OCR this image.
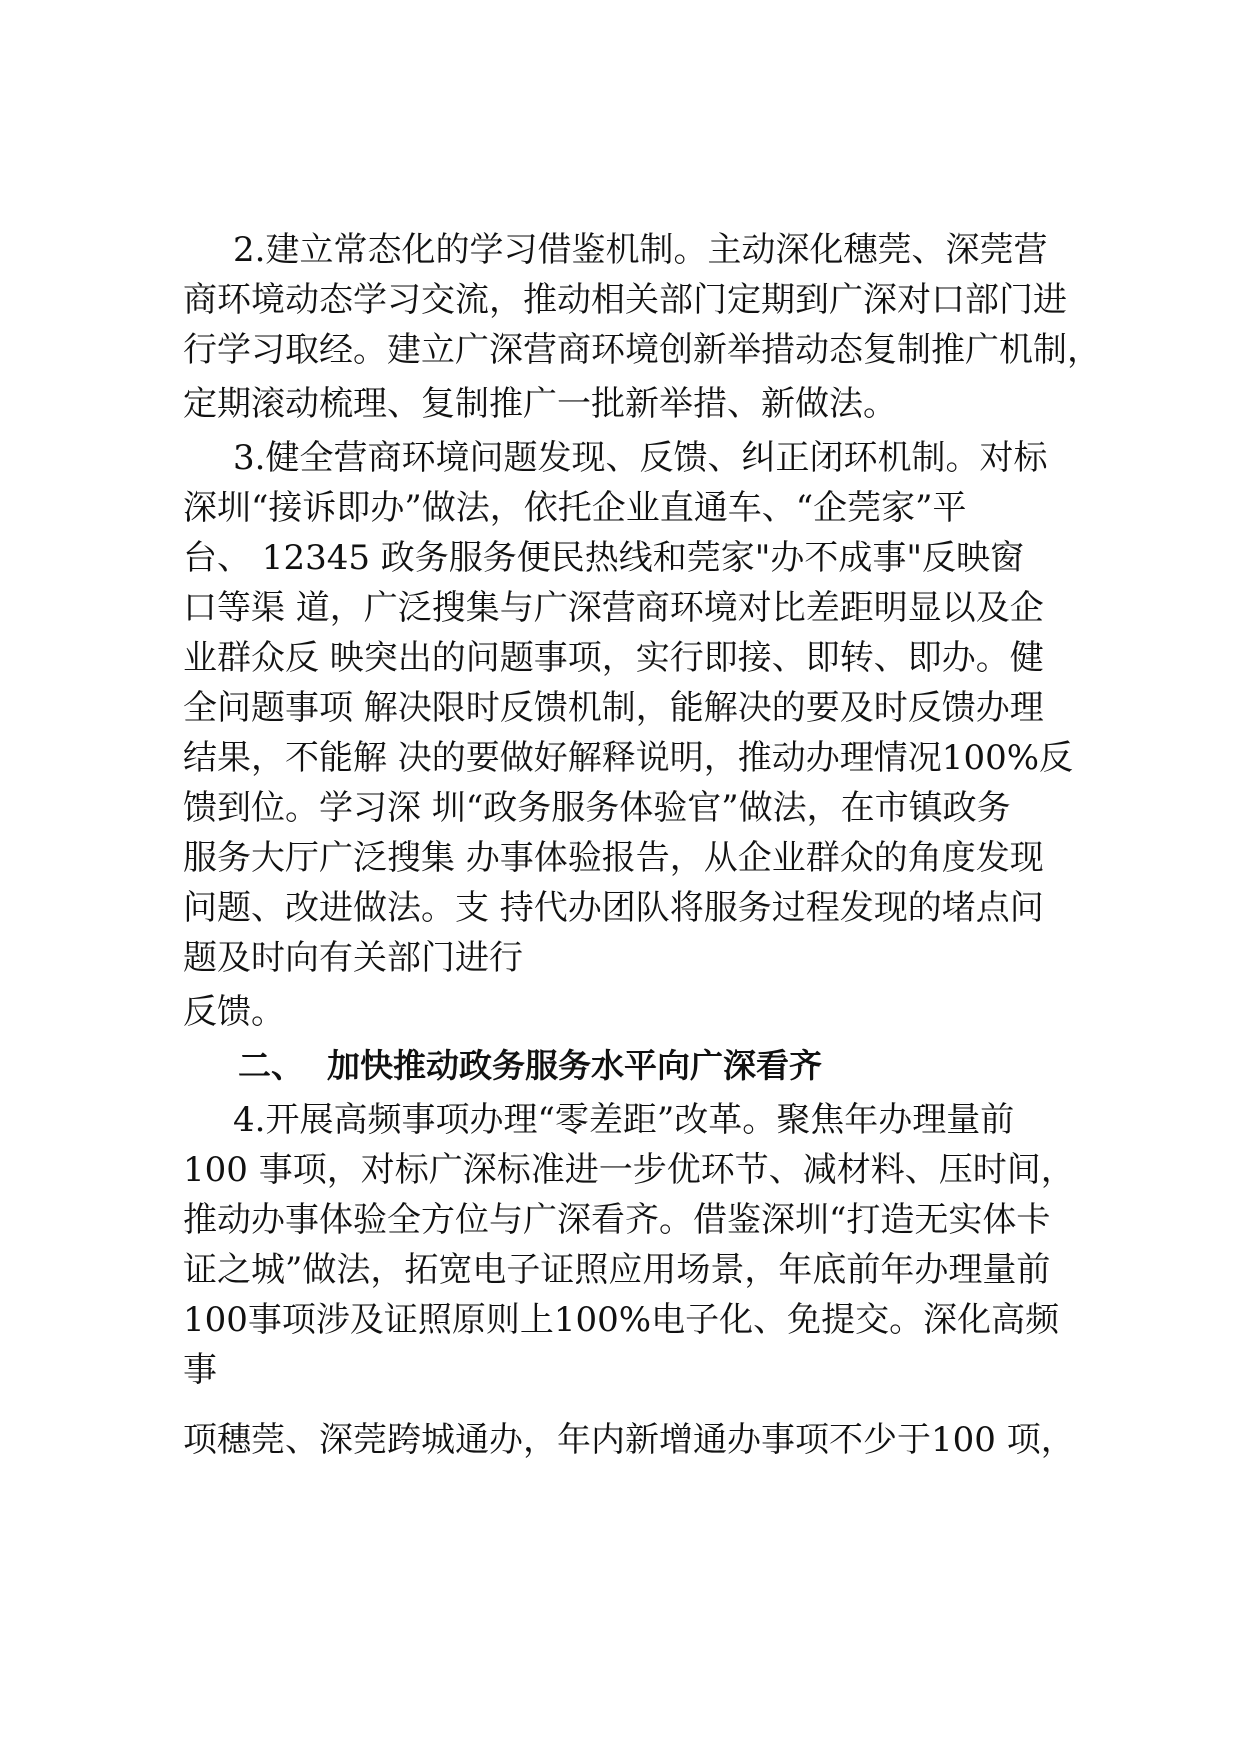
2.建立常态化的学习借鉴机制。主动深化穗莞、深莞营
商环境动态学习交流，推动相关部门定期到广深对口部门进
行学习取经。建立广深营商环境创新举措动态复制推广机制，
定期滚动梳理、复制推广一批新举措、新做法。
3.健全营商环境问题发现、反馈、纠正闭环机制。对标
深圳“接诉即办”做法，依托企业直通车、“企莞家”平
台、 12345 政务服务便民热线和莞家"办不成事"反映窗
口等渠 道，广泛搜集与广深营商环境对比差距明显以及企
业群众反 映突出的问题事项，实行即接、即转、即办。健
全问题事项 解决限时反馈机制，能解决的要及时反馈办理
结果，不能解 决的要做好解释说明，推动办理情况100%反
馈到位。学习深 圳“政务服务体验官”做法，在市镇政务
服务大厅广泛搜集 办事体验报告，从企业群众的角度发现
问题、改进做法。支 持代办团队将服务过程发现的堵点问
题及时向有关部门进行
反馈。
二、  加快推动政务服务水平向广深看齐
4.开展高频事项办理“零差距”改革。聚焦年办理量前
100 事项，对标广深标准进一步优环节、减材料、压时间，
推动办事体验全方位与广深看齐。借鉴深圳“打造无实体卡
证之城”做法，拓宽电子证照应用场景，年底前年办理量前
100事项涉及证照原则上100%电子化、免提交。深化高频
事
项穗莞、深莞跨城通办，年内新增通办事项不少于100 项，
